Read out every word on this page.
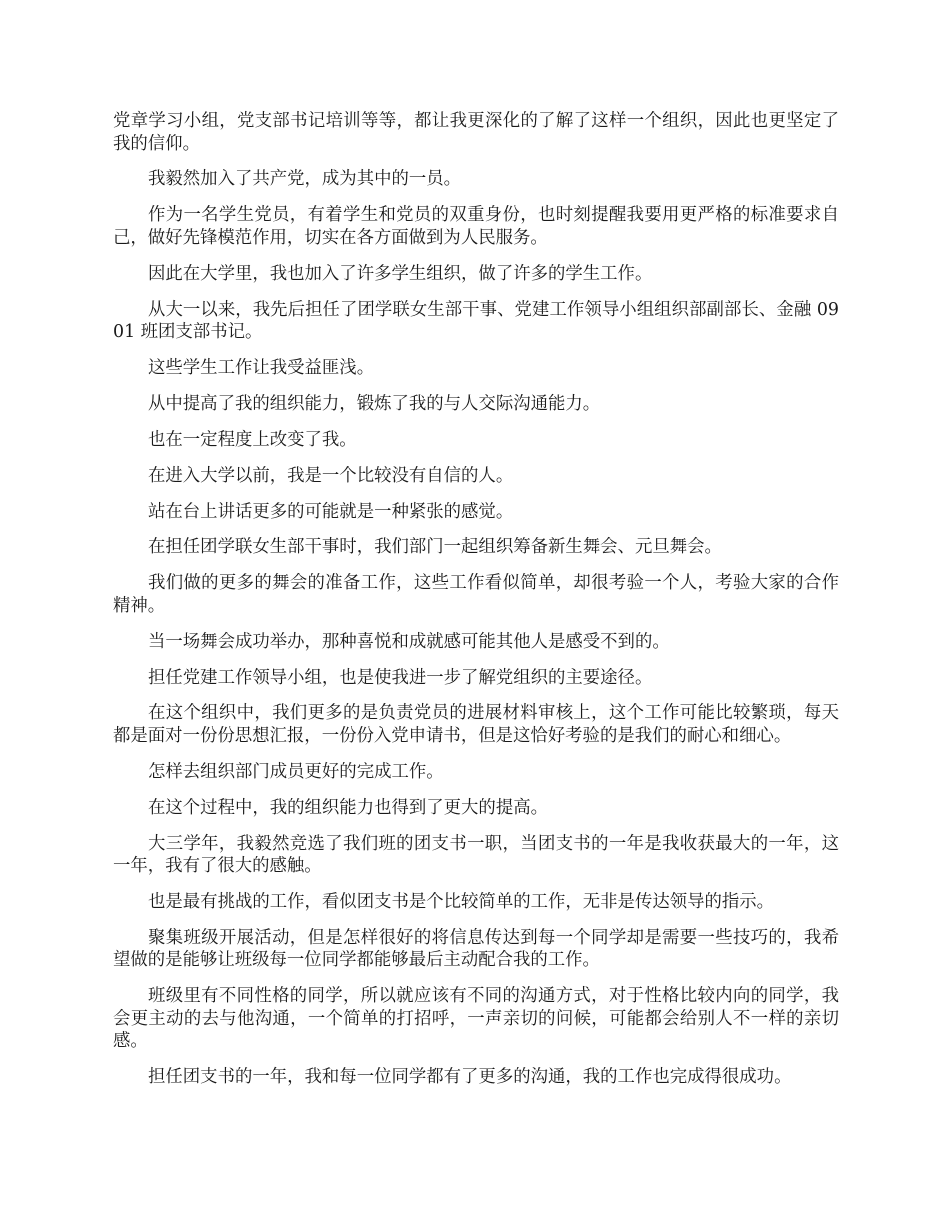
党章学习小组，党支部书记培训等等，都让我更深化的了解了这样一个组织，因此也更坚定了我的信仰。

我毅然加入了共产党，成为其中的一员。

作为一名学生党员，有着学生和党员的双重身份，也时刻提醒我要用更严格的标准要求自己，做好先锋模范作用，切实在各方面做到为人民服务。

因此在大学里，我也加入了许多学生组织，做了许多的学生工作。

从大一以来，我先后担任了团学联女生部干事、党建工作领导小组组织部副部长、金融 0901 班团支部书记。

这些学生工作让我受益匪浅。

从中提高了我的组织能力，锻炼了我的与人交际沟通能力。

也在一定程度上改变了我。

在进入大学以前，我是一个比较没有自信的人。

站在台上讲话更多的可能就是一种紧张的感觉。

在担任团学联女生部干事时，我们部门一起组织筹备新生舞会、元旦舞会。

我们做的更多的舞会的准备工作，这些工作看似简单，却很考验一个人，考验大家的合作精神。

当一场舞会成功举办，那种喜悦和成就感可能其他人是感受不到的。

担任党建工作领导小组，也是使我进一步了解党组织的主要途径。

在这个组织中，我们更多的是负责党员的进展材料审核上，这个工作可能比较繁琐，每天都是面对一份份思想汇报，一份份入党申请书，但是这恰好考验的是我们的耐心和细心。

怎样去组织部门成员更好的完成工作。

在这个过程中，我的组织能力也得到了更大的提高。

大三学年，我毅然竞选了我们班的团支书一职，当团支书的一年是我收获最大的一年，这一年，我有了很大的感触。

也是最有挑战的工作，看似团支书是个比较简单的工作，无非是传达领导的指示。

聚集班级开展活动，但是怎样很好的将信息传达到每一个同学却是需要一些技巧的，我希望做的是能够让班级每一位同学都能够最后主动配合我的工作。

班级里有不同性格的同学，所以就应该有不同的沟通方式，对于性格比较内向的同学，我会更主动的去与他沟通，一个简单的打招呼，一声亲切的问候，可能都会给别人不一样的亲切感。

担任团支书的一年，我和每一位同学都有了更多的沟通，我的工作也完成得很成功。
